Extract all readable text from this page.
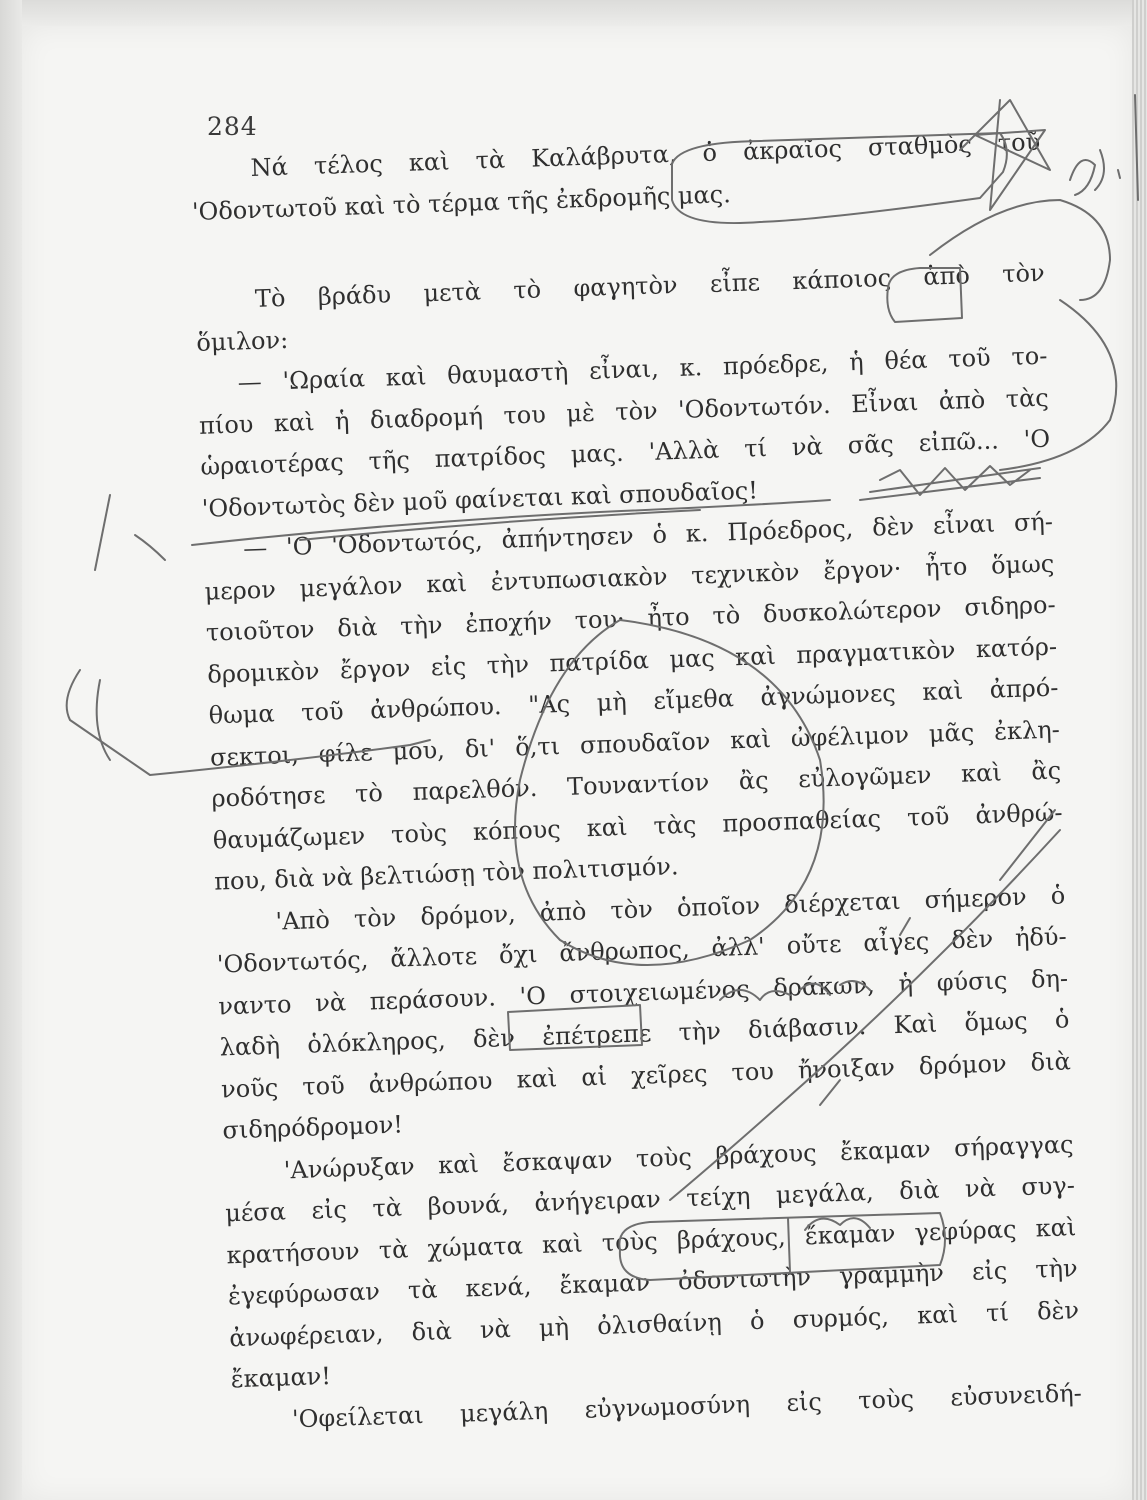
284
Νά τέλος καὶ τὰ Καλάβρυτα, ὁ ἀκραῖος σταθμὸς τοῦ
'Οδοντωτοῦ καὶ τὸ τέρμα τῆς ἐκδρομῆς μας.
Τὸ βράδυ μετὰ τὸ φαγητὸν εἶπε κάποιος ἀπὸ τὸν
ὅμιλον:
— 'Ωραία καὶ θαυμαστὴ εἶναι, κ. πρόεδρε, ἡ θέα τοῦ το-
πίου καὶ ἡ διαδρομή του μὲ τὸν 'Οδοντωτόν. Εἶναι ἀπὸ τὰς
ὡραιοτέρας τῆς πατρίδος μας. 'Αλλὰ τί νὰ σᾶς εἰπῶ... 'Ο
'Οδοντωτὸς δὲν μοῦ φαίνεται καὶ σπουδαῖος!
— 'Ο 'Οδοντωτός, ἀπήντησεν ὁ κ. Πρόεδρος, δὲν εἶναι σή-
μερον μεγάλον καὶ ἐντυπωσιακὸν τεχνικὸν ἔργον· ἦτο ὅμως
τοιοῦτον διὰ τὴν ἐποχήν του· ἦτο τὸ δυσκολώτερον σιδηρο-
δρομικὸν ἔργον εἰς τὴν πατρίδα μας καὶ πραγματικὸν κατόρ-
θωμα τοῦ ἀνθρώπου. "Ας μὴ εἴμεθα ἀγνώμονες καὶ ἀπρό-
σεκτοι, φίλε μου, δι' ὅ,τι σπουδαῖον καὶ ὠφέλιμον μᾶς ἐκλη-
ροδότησε τὸ παρελθόν. Τουναντίον ἂς εὐλογῶμεν καὶ ἂς
θαυμάζωμεν τοὺς κόπους καὶ τὰς προσπαθείας τοῦ ἀνθρώ-
που, διὰ νὰ βελτιώσῃ τὸν πολιτισμόν.
'Απὸ τὸν δρόμον, ἀπὸ τὸν ὁποῖον διέρχεται σήμερον ὁ
'Οδοντωτός, ἄλλοτε ὄχι ἄνθρωπος, ἀλλ' οὔτε αἶγες δὲν ἠδύ-
ναντο νὰ περάσουν. 'Ο στοιχειωμένος δράκων, ἡ φύσις δη-
λαδὴ ὁλόκληρος, δὲν ἐπέτρεπε τὴν διάβασιν. Καὶ ὅμως ὁ
νοῦς τοῦ ἀνθρώπου καὶ αἱ χεῖρες του ἤνοιξαν δρόμον διὰ
σιδηρόδρομον!
'Ανώρυξαν καὶ ἔσκαψαν τοὺς βράχους ἔκαμαν σήραγγας
μέσα εἰς τὰ βουνά, ἀνήγειραν τείχη μεγάλα, διὰ νὰ συγ-
κρατήσουν τὰ χώματα καὶ τοὺς βράχους, ἔκαμαν γεφύρας καὶ
ἐγεφύρωσαν τὰ κενά, ἔκαμαν ὀδοντωτὴν γραμμὴν εἰς τὴν
ἀνωφέρειαν, διὰ νὰ μὴ ὀλισθαίνῃ ὁ συρμός, καὶ τί δὲν
ἔκαμαν!
'Οφείλεται μεγάλη εὐγνωμοσύνη εἰς τοὺς εὐσυνειδή-
